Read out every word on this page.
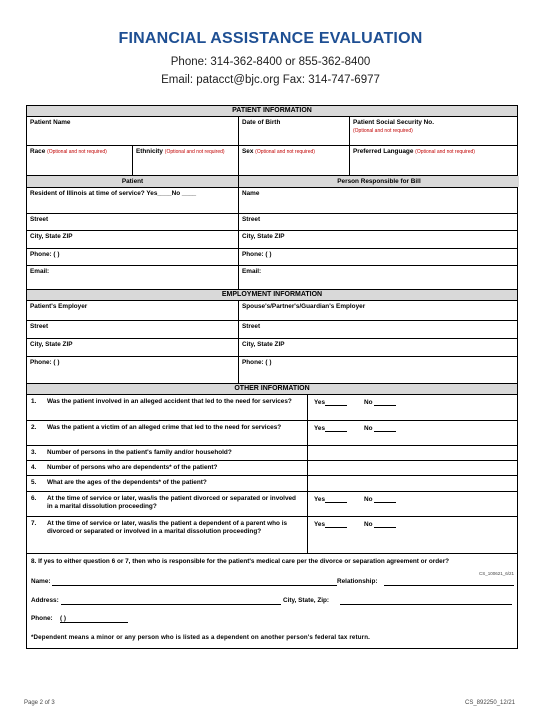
FINANCIAL ASSISTANCE EVALUATION
Phone: 314-362-8400 or 855-362-8400
Email: patacct@bjc.org Fax: 314-747-6977
PATIENT INFORMATION
Patient Name	Date of Birth	Patient Social Security No.
(Optional and not required)
Race (Optional and not required)	Ethnicity (Optional and not required)	Sex (Optional and not required)	Preferred Language (Optional and not required)
Patient	Person Responsible for Bill
Resident of Illinois at time of service? Yes____No ____	Name
Street	Street
City, State ZIP	City, State ZIP
Phone: ( )	Phone: ( )
Email:	Email:
EMPLOYMENT INFORMATION
Patient's Employer	Spouse's/Partner's/Guardian's Employer
Street	Street
City, State ZIP	City, State ZIP
Phone: ( )	Phone: ( )
OTHER INFORMATION
1. Was the patient involved in an alleged accident that led to the need for services?	Yes	No
2. Was the patient a victim of an alleged crime that led to the need for services?	Yes	No
3. Number of persons in the patient's family and/or household?
4. Number of persons who are dependents* of the patient?
5. What are the ages of the dependents* of the patient?
6. At the time of service or later, was/is the patient divorced or separated or involved in a marital dissolution proceeding?
Yes	No
7. At the time of service or later, was/is the patient a dependent of a parent who is divorced or separated or involved in a marital dissolution proceeding?
Yes	No
8. If yes to either question 6 or 7, then who is responsible for the patient's medical care per the divorce or separation agreement or order?
CS_100621_6/21
Name:	Relationship:
Address:	City, State, Zip:
Phone: ( )
*Dependent means a minor or any person who is listed as a dependent on another person's federal tax return.
Page 2 of 3	CS_892250_12/21
